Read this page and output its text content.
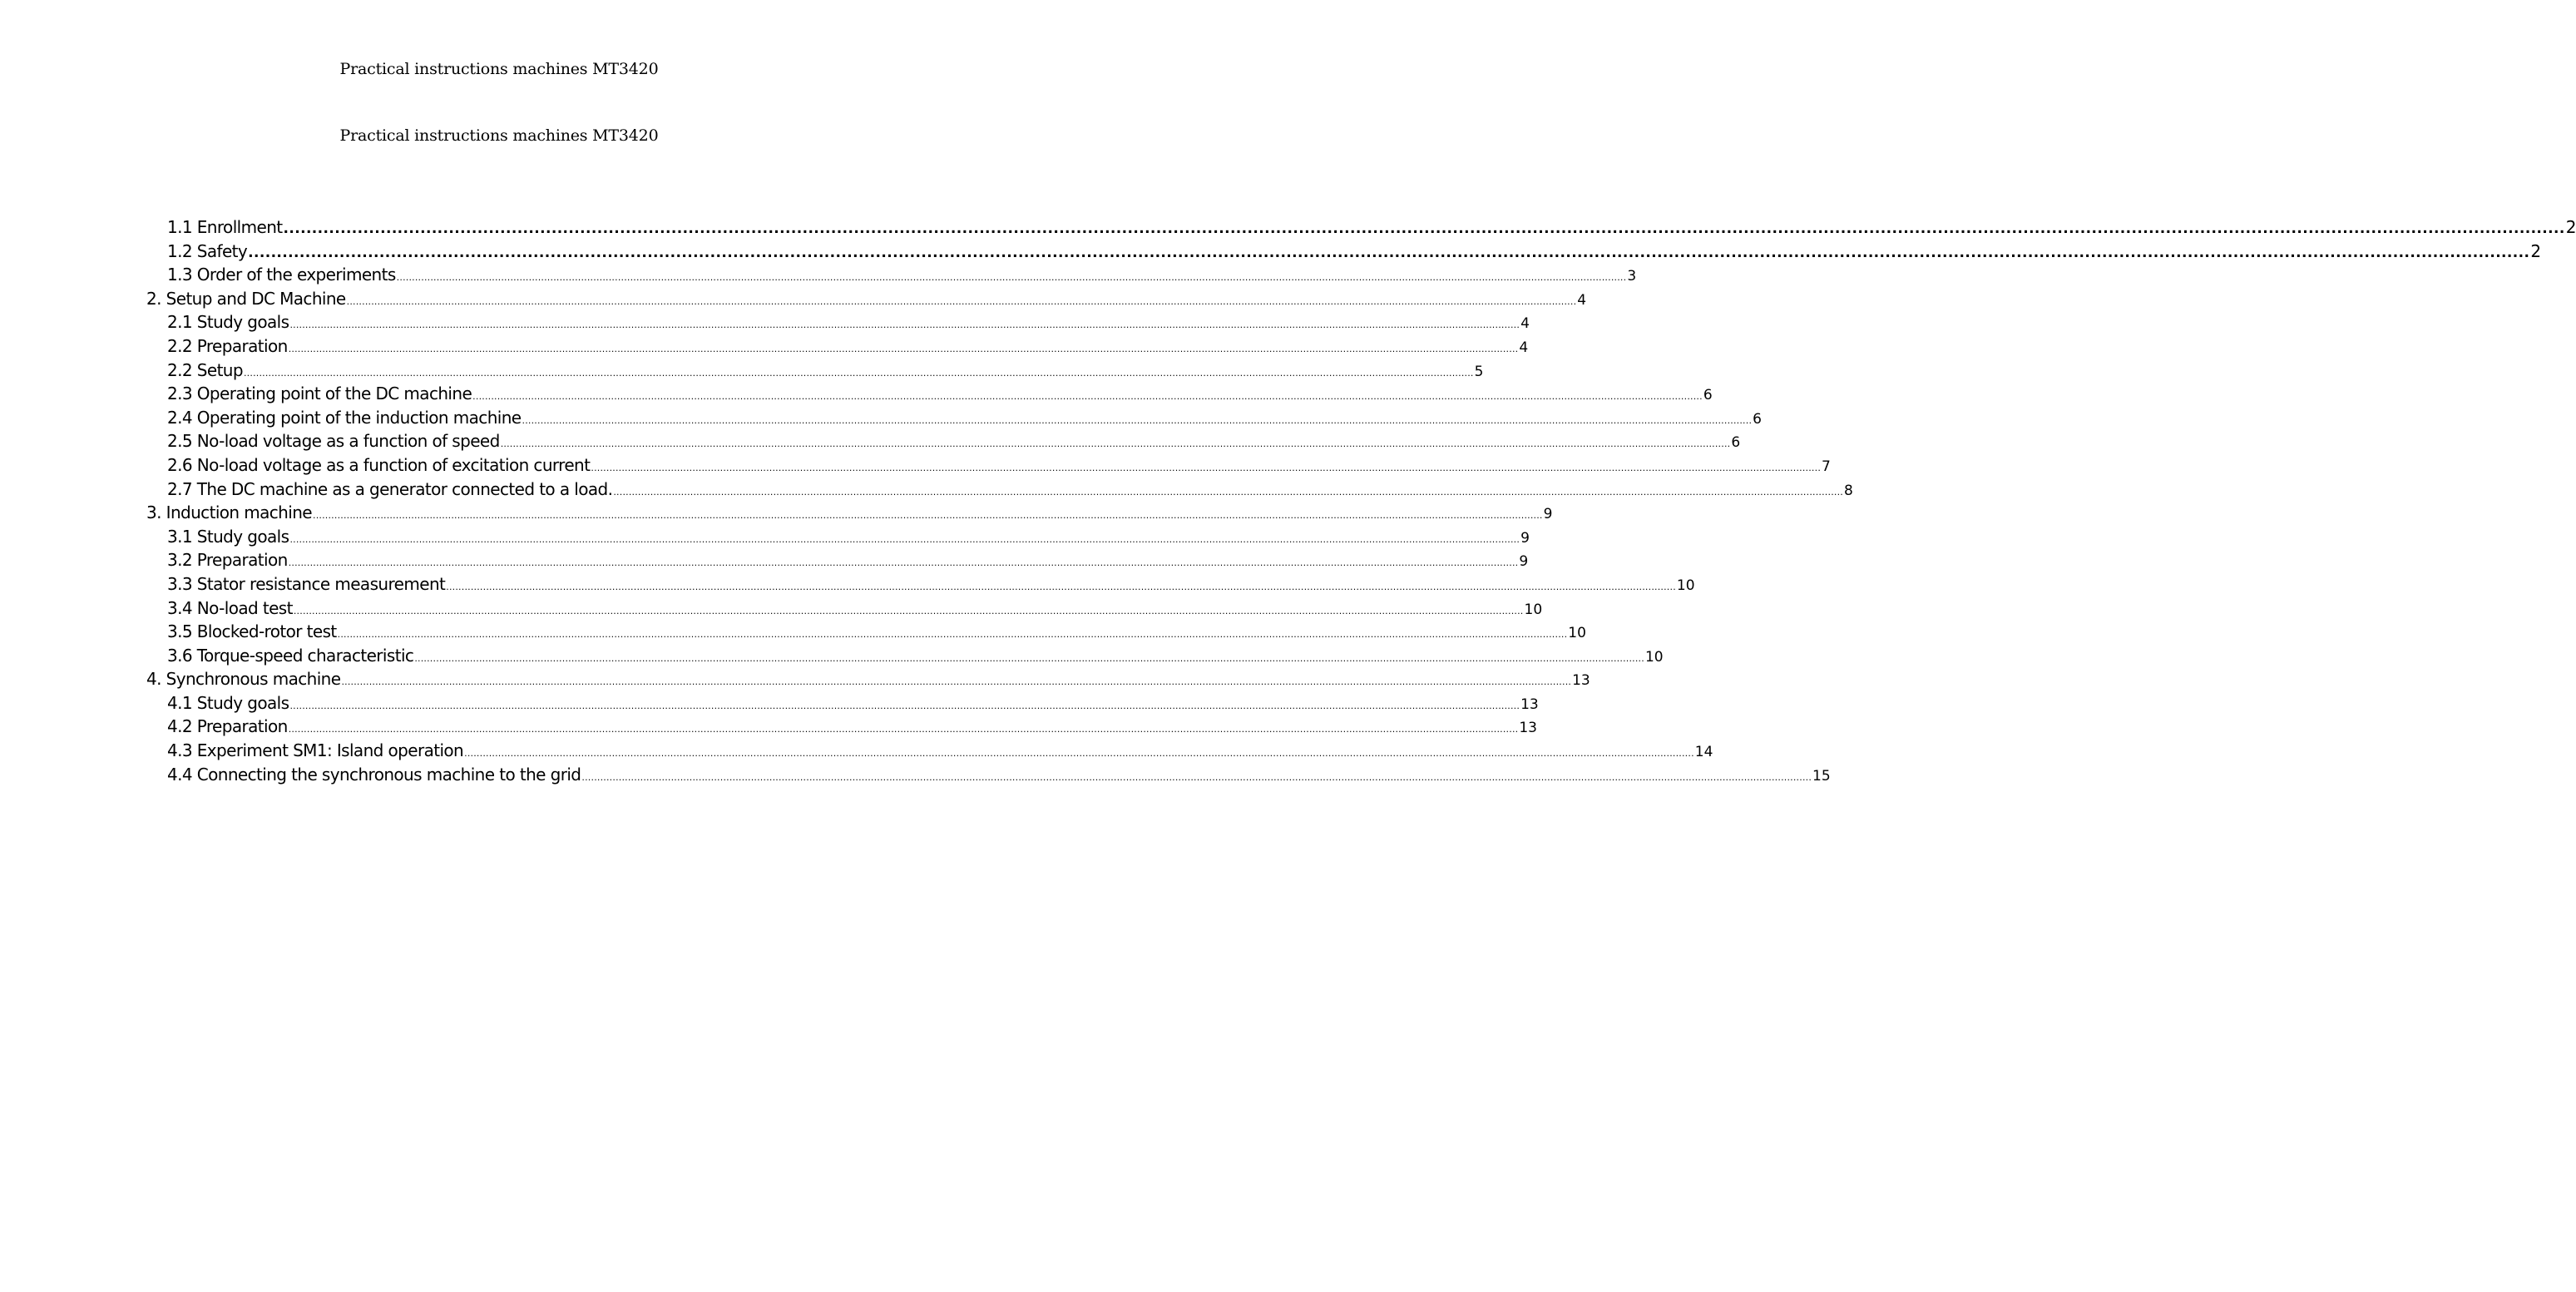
Practical instructions machines MT3420
Practical instructions machines MT3420
1.1 Enrollment ................................................................................................................................................................................................................................................................................................................................................................................................................ 2
1.2 Safety ................................................................................................................................................................................................................................................................................................................................................................................................................ 2
1.3 Order of the experiments ................................................................................................................................................................................................................................................................................................................................................................................................................ 3
2. Setup and DC Machine ................................................................................................................................................................................................................................................................................................................................................................................................................ 4
2.1 Study goals ................................................................................................................................................................................................................................................................................................................................................................................................................ 4
2.2 Preparation ................................................................................................................................................................................................................................................................................................................................................................................................................ 4
2.2 Setup ................................................................................................................................................................................................................................................................................................................................................................................................................ 5
2.3 Operating point of the DC machine ................................................................................................................................................................................................................................................................................................................................................................................................................ 6
2.4 Operating point of the induction machine ................................................................................................................................................................................................................................................................................................................................................................................................................ 6
2.5 No-load voltage as a function of speed ................................................................................................................................................................................................................................................................................................................................................................................................................ 6
2.6 No-load voltage as a function of excitation current ................................................................................................................................................................................................................................................................................................................................................................................................................ 7
2.7 The DC machine as a generator connected to a load. ................................................................................................................................................................................................................................................................................................................................................................................................................ 8
3. Induction machine ................................................................................................................................................................................................................................................................................................................................................................................................................ 9
3.1 Study goals ................................................................................................................................................................................................................................................................................................................................................................................................................ 9
3.2 Preparation ................................................................................................................................................................................................................................................................................................................................................................................................................ 9
3.3 Stator resistance measurement ................................................................................................................................................................................................................................................................................................................................................................................................................ 10
3.4 No-load test ................................................................................................................................................................................................................................................................................................................................................................................................................ 10
3.5 Blocked-rotor test ................................................................................................................................................................................................................................................................................................................................................................................................................ 10
3.6 Torque-speed characteristic ................................................................................................................................................................................................................................................................................................................................................................................................................ 10
4. Synchronous machine ................................................................................................................................................................................................................................................................................................................................................................................................................ 13
4.1 Study goals ................................................................................................................................................................................................................................................................................................................................................................................................................ 13
4.2 Preparation ................................................................................................................................................................................................................................................................................................................................................................................................................ 13
4.3 Experiment SM1: Island operation ................................................................................................................................................................................................................................................................................................................................................................................................................ 14
4.4 Connecting the synchronous machine to the grid ................................................................................................................................................................................................................................................................................................................................................................................................................ 15
